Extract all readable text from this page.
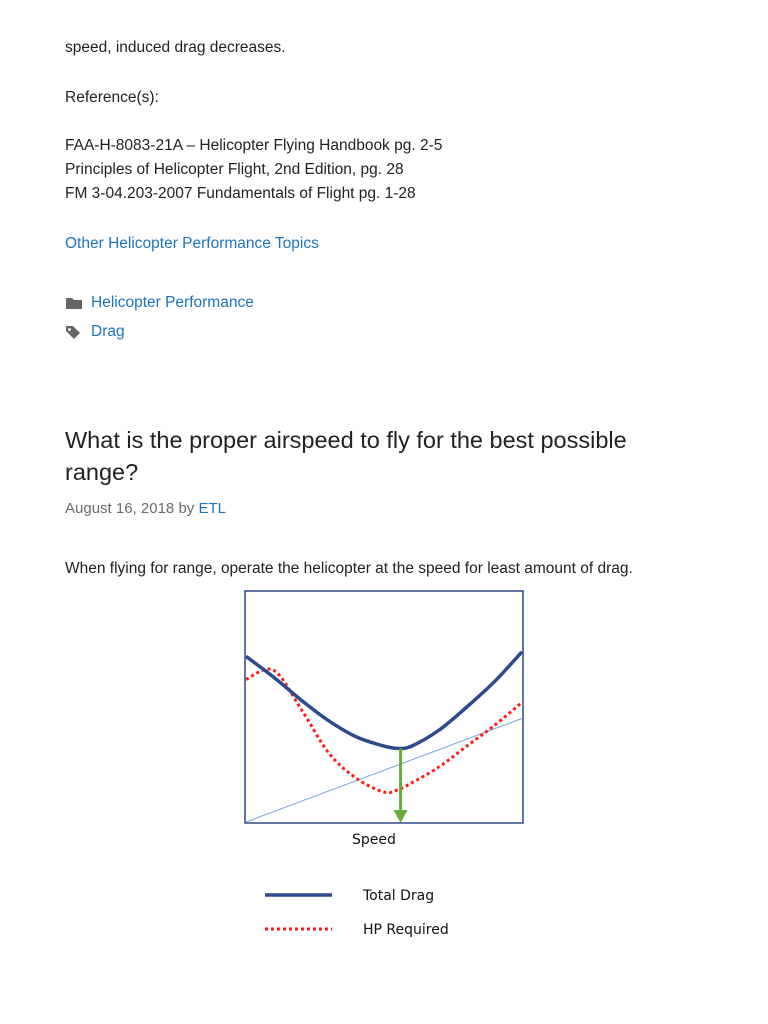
speed, induced drag decreases.
Reference(s):
FAA-H-8083-21A – Helicopter Flying Handbook pg. 2-5
Principles of Helicopter Flight, 2nd Edition, pg. 28
FM 3-04.203-2007 Fundamentals of Flight pg. 1-28
Other Helicopter Performance Topics
Helicopter Performance
Drag
What is the proper airspeed to fly for the best possible range?
August 16, 2018 by ETL
When flying for range, operate the helicopter at the speed for least amount of drag.
Speed
Total Drag
HP Required
